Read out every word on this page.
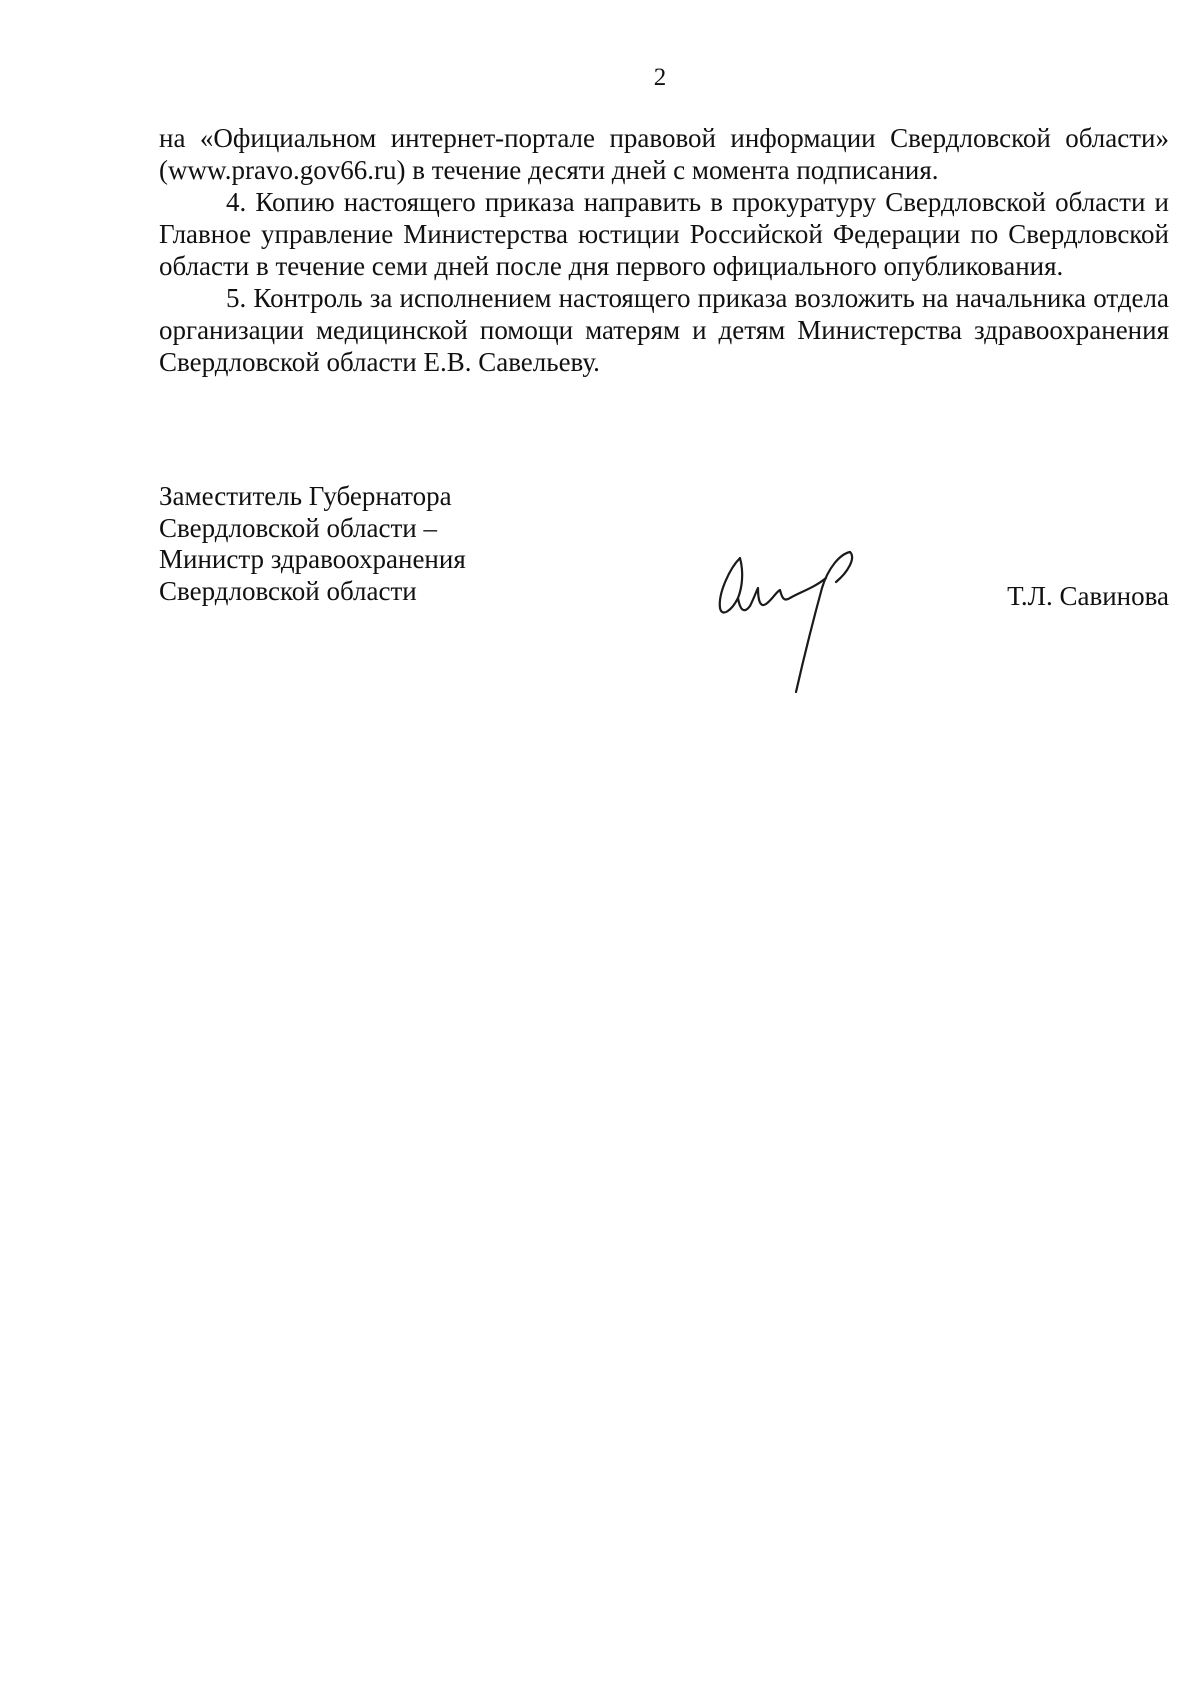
2

на «Официальном интернет-портале правовой информации Свердловской области» (www.pravo.gov66.ru) в течение десяти дней с момента подписания.

4. Копию настоящего приказа направить в прокуратуру Свердловской области и Главное управление Министерства юстиции Российской Федерации по Свердловской области в течение семи дней после дня первого официального опубликования.

5. Контроль за исполнением настоящего приказа возложить на начальника отдела организации медицинской помощи матерям и детям Министерства здравоохранения Свердловской области Е.В. Савельеву.

Заместитель Губернатора
Свердловской области –
Министр здравоохранения
Свердловской области	Т.Л. Савинова
